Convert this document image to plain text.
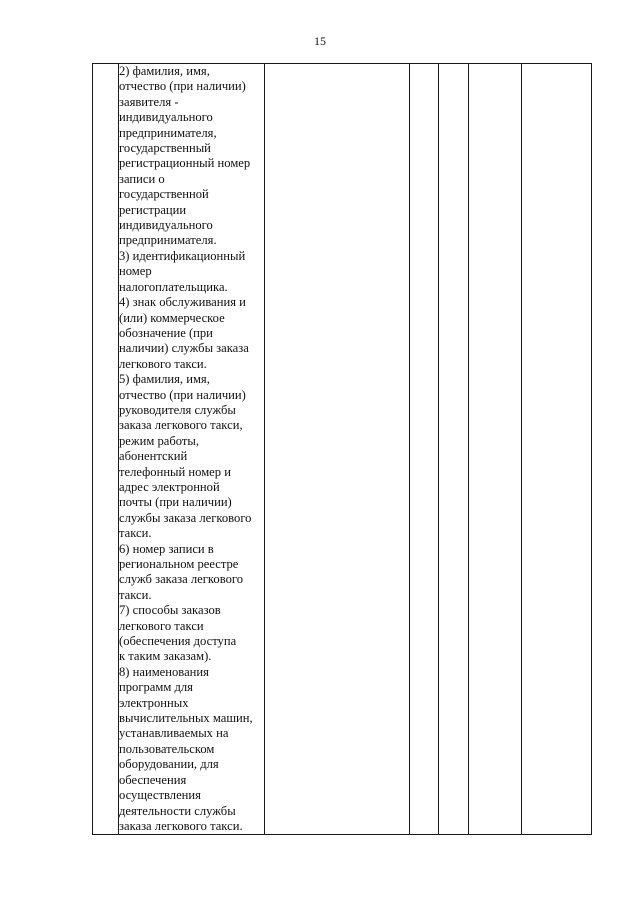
15

2) фамилия, имя,
отчество (при наличии)
заявителя -
индивидуального
предпринимателя,
государственный
регистрационный номер
записи о
государственной
регистрации
индивидуального
предпринимателя.
3) идентификационный
номер
налогоплательщика.
4) знак обслуживания и
(или) коммерческое
обозначение (при
наличии) службы заказа
легкового такси.
5) фамилия, имя,
отчество (при наличии)
руководителя службы
заказа легкового такси,
режим работы,
абонентский
телефонный номер и
адрес электронной
почты (при наличии)
службы заказа легкового
такси.
6) номер записи в
региональном реестре
служб заказа легкового
такси.
7) способы заказов
легкового такси
(обеспечения доступа
к таким заказам).
8) наименования
программ для
электронных
вычислительных машин,
устанавливаемых на
пользовательском
оборудовании, для
обеспечения
осуществления
деятельности службы
заказа легкового такси.
